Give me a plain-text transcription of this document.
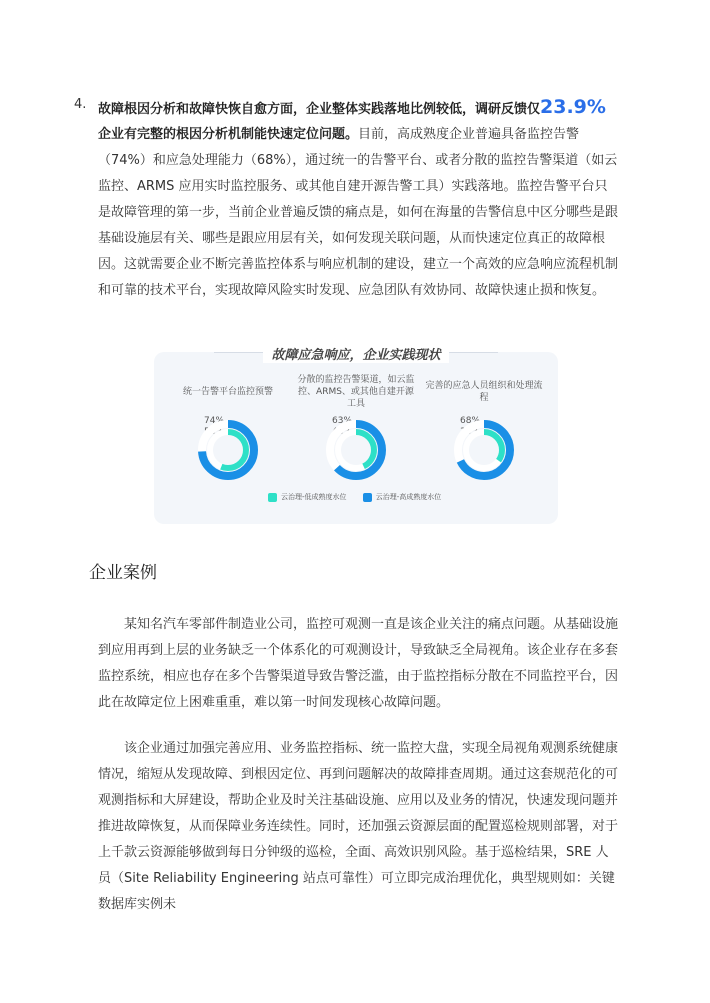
4. 故障根因分析和故障快恢自愈方面，企业整体实践落地比例较低，调研反馈仅23.9%
企业有完整的根因分析机制能快速定位问题。目前，高成熟度企业普遍具备监控告警（74%）和应急处理能力（68%），通过统一的告警平台、或者分散的监控告警渠道（如云监控、ARMS 应用实时监控服务、或其他自建开源告警工具）实践落地。监控告警平台只是故障管理的第一步，当前企业普遍反馈的痛点是，如何在海量的告警信息中区分哪些是跟基础设施层有关、哪些是跟应用层有关，如何发现关联问题，从而快速定位真正的故障根因。这就需要企业不断完善监控体系与响应机制的建设，建立一个高效的应急响应流程机制和可靠的技术平台，实现故障风险实时发现、应急团队有效协同、故障快速止损和恢复。
故障应急响应，企业实践现状
统一告警平台监控预警
74%
56%
分散的监控告警渠道，如云监控、ARMS、或其他自建开源工具
63%
43%
完善的应急人员组织和处理流程
68%
35%
云治理-低成熟度水位
	云治理-高成熟度水位
企业案例
某知名汽车零部件制造业公司，监控可观测一直是该企业关注的痛点问题。从基础设施到应用再到上层的业务缺乏一个体系化的可观测设计，导致缺乏全局视角。该企业存在多套监控系统，相应也存在多个告警渠道导致告警泛滥，由于监控指标分散在不同监控平台，因此在故障定位上困难重重，难以第一时间发现核心故障问题。
该企业通过加强完善应用、业务监控指标、统一监控大盘，实现全局视角观测系统健康情况，缩短从发现故障、到根因定位、再到问题解决的故障排查周期。通过这套规范化的可观测指标和大屏建设，帮助企业及时关注基础设施、应用以及业务的情况，快速发现问题并推进故障恢复，从而保障业务连续性。同时，还加强云资源层面的配置巡检规则部署，对于上千款云资源能够做到每日分钟级的巡检，全面、高效识别风险。基于巡检结果，SRE 人员（Site Reliability Engineering 站点可靠性）可立即完成治理优化，典型规则如：关键数据库实例未
